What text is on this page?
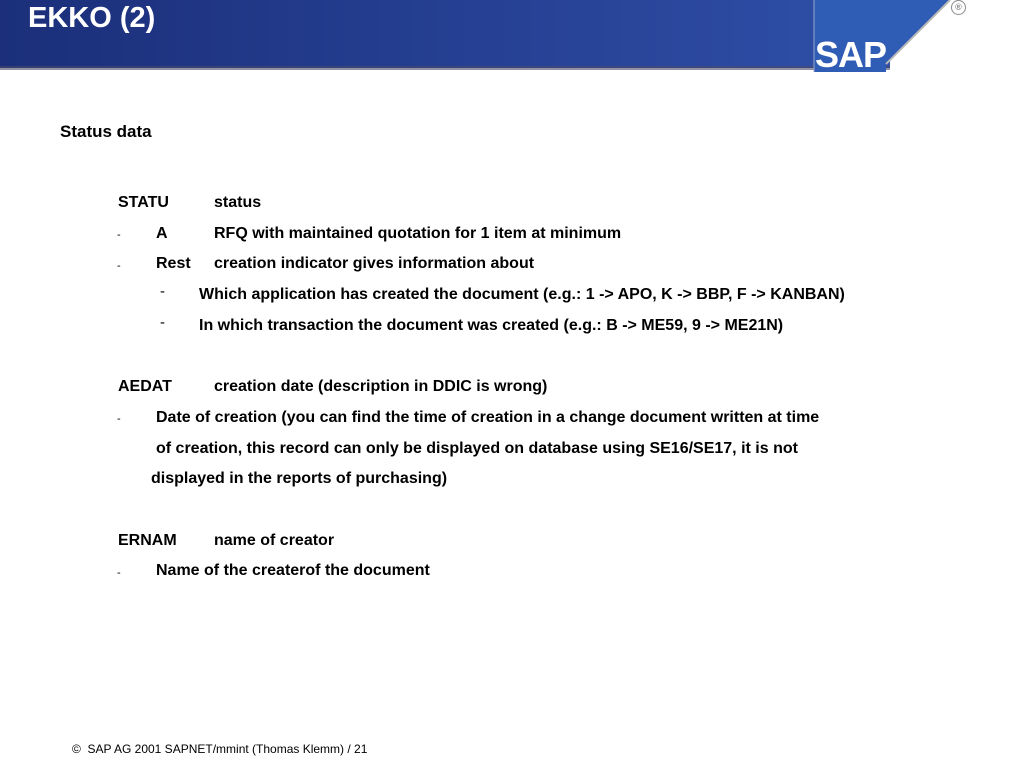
EKKO (2)
SAP
®
Status data
STATU	status
- A	RFQ with maintained quotation for 1 item at minimum
- Rest creation indicator gives information about
- Which application has created the document (e.g.: 1 -> APO, K -> BBP, F -> KANBAN)
- In which transaction the document was created (e.g.: B -> ME59, 9 -> ME21N)
AEDAT	creation date (description in DDIC is wrong)
- Date of creation (you can find the time of creation in a change document written at time
of creation, this record can only be displayed on database using SE16/SE17, it is not
displayed in the reports of purchasing)
ERNAM name of creator
- Name of the createrof the document
© SAP AG 2001 SAPNET/mmint (Thomas Klemm) / 21
